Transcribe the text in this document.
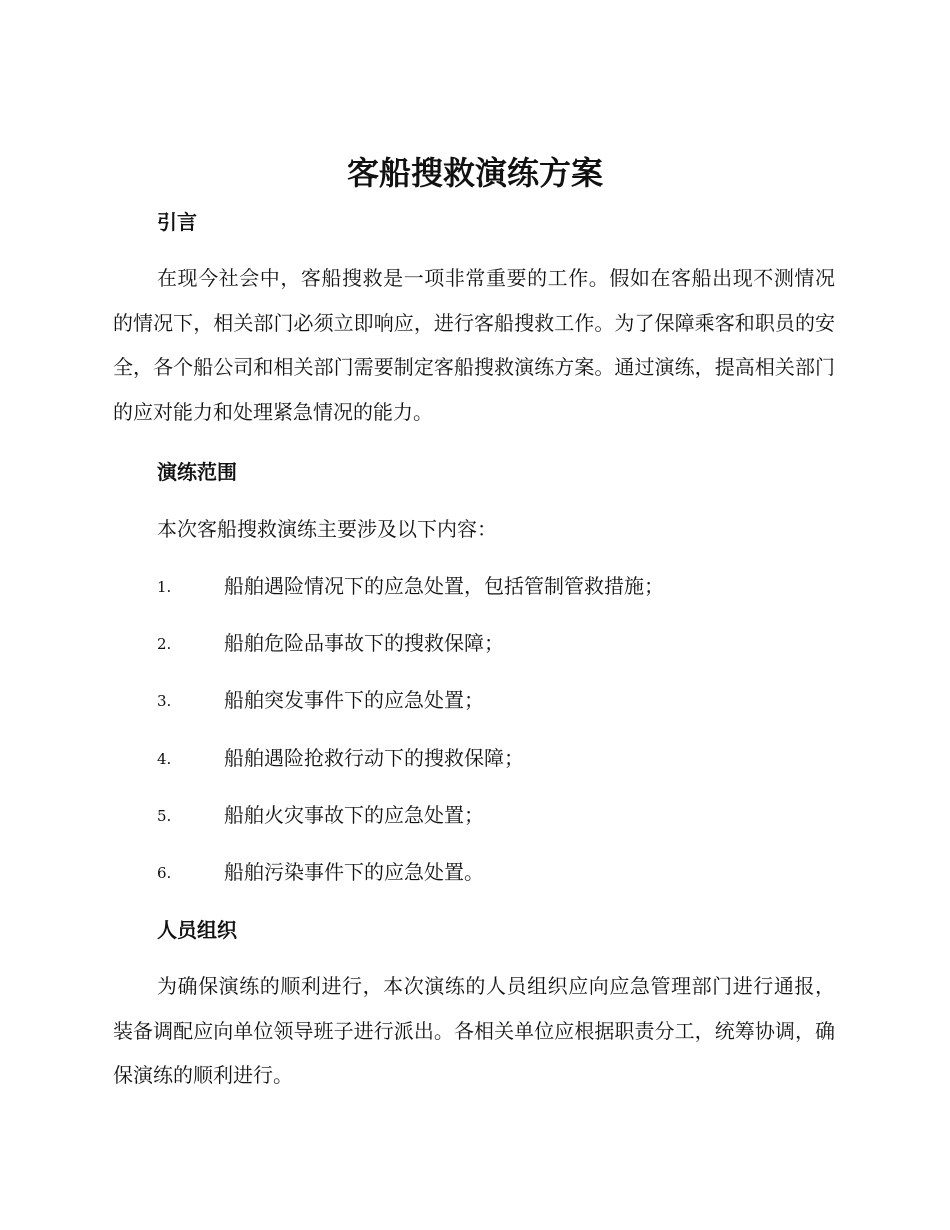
客船搜救演练方案
引言

在现今社会中，客船搜救是一项非常重要的工作。假如在客船出现不测情况的情况下，相关部门必须立即响应，进行客船搜救工作。为了保障乘客和职员的安全，各个船公司和相关部门需要制定客船搜救演练方案。通过演练，提高相关部门的应对能力和处理紧急情况的能力。

演练范围

本次客船搜救演练主要涉及以下内容：

1.	船舶遇险情况下的应急处置，包括管制管救措施；
2.	船舶危险品事故下的搜救保障；
3.	船舶突发事件下的应急处置；
4.	船舶遇险抢救行动下的搜救保障；
5.	船舶火灾事故下的应急处置；
6.	船舶污染事件下的应急处置。
人员组织

为确保演练的顺利进行，本次演练的人员组织应向应急管理部门进行通报，装备调配应向单位领导班子进行派出。各相关单位应根据职责分工，统筹协调，确保演练的顺利进行。
